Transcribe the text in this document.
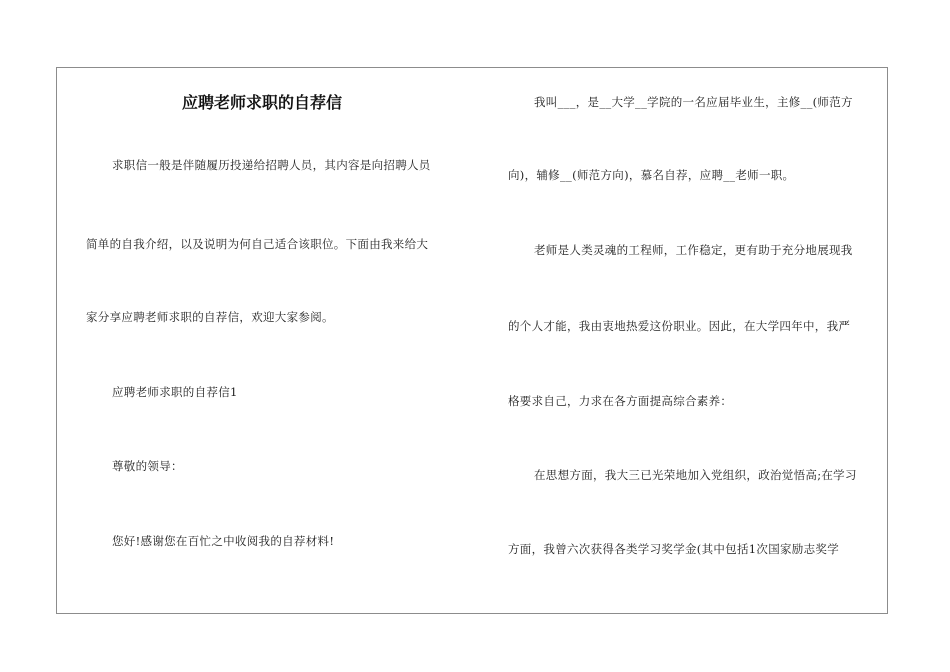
应聘老师求职的自荐信
求职信一般是伴随履历投递给招聘人员，其内容是向招聘人员
简单的自我介绍，以及说明为何自己适合该职位。下面由我来给大
家分享应聘老师求职的自荐信，欢迎大家参阅。
应聘老师求职的自荐信1
尊敬的领导：
您好!感谢您在百忙之中收阅我的自荐材料!
我叫___，是__大学__学院的一名应届毕业生，主修__(师范方
向)，辅修__(师范方向)，慕名自荐，应聘__老师一职。
老师是人类灵魂的工程师，工作稳定，更有助于充分地展现我
的个人才能，我由衷地热爱这份职业。因此，在大学四年中，我严
格要求自己，力求在各方面提高综合素养：
在思想方面，我大三已光荣地加入党组织，政治觉悟高;在学习
方面，我曾六次获得各类学习奖学金(其中包括1次国家励志奖学
